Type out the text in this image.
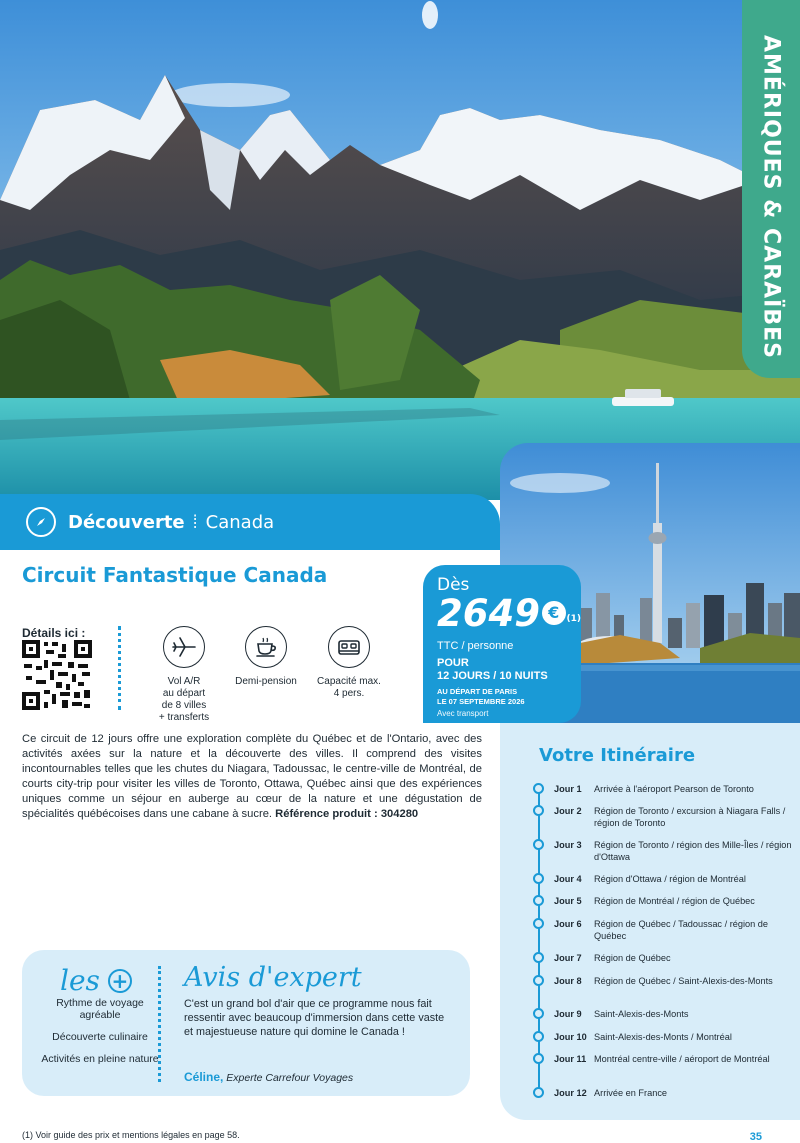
AMÉRIQUES & CARAÏBES
Découverte ⁞ Canada
Circuit Fantastique Canada	Dès
2649 € (1)
TTC / personne
POUR
12 JOURS / 10 NUITS
AU DÉPART DE PARIS
LE 07 SEPTEMBRE 2026
Avec transport
Détails ici :
Vol A/R
au départ
de 8 villes
+ transferts
Demi-pension	Capacité max.
4 pers.
Ce circuit de 12 jours offre une exploration complète du Québec et de l'Ontario, avec des activités axées sur la nature et la découverte des villes. Il comprend des visites incontournables telles que les chutes du Niagara, Tadoussac, le centre-ville de Montréal, de courts city-trip pour visiter les villes de Toronto, Ottawa, Québec ainsi que des expériences uniques comme un séjour en auberge au cœur de la nature et une dégustation de spécialités québécoises dans une cabane à sucre. Référence produit : 304280
Votre Itinéraire
Jour 1	Arrivée à l'aéroport Pearson de Toronto
Jour 2	Région de Toronto / excursion à Niagara Falls / région de Toronto
Jour 3	Région de Toronto / région des Mille-Îles / région d'Ottawa
Jour 4	Région d'Ottawa / région de Montréal
Jour 5	Région de Montréal / région de Québec
Jour 6	Région de Québec / Tadoussac / région de Québec
Jour 7	Région de Québec
Jour 8	Région de Québec / Saint-Alexis-des-Monts
Jour 9	Saint-Alexis-des-Monts
Jour 10 Saint-Alexis-des-Monts / Montréal
Jour 11 Montréal centre-ville / aéroport de Montréal
Jour 12 Arrivée en France
les +
Rythme de voyage agréable
Découverte culinaire
Activités en pleine nature
Avis d'expert
C'est un grand bol d'air que ce programme nous fait ressentir avec beaucoup d'immersion dans cette vaste et majestueuse nature qui domine le Canada !
Céline, Experte Carrefour Voyages
(1) Voir guide des prix et mentions légales en page 58.	35
